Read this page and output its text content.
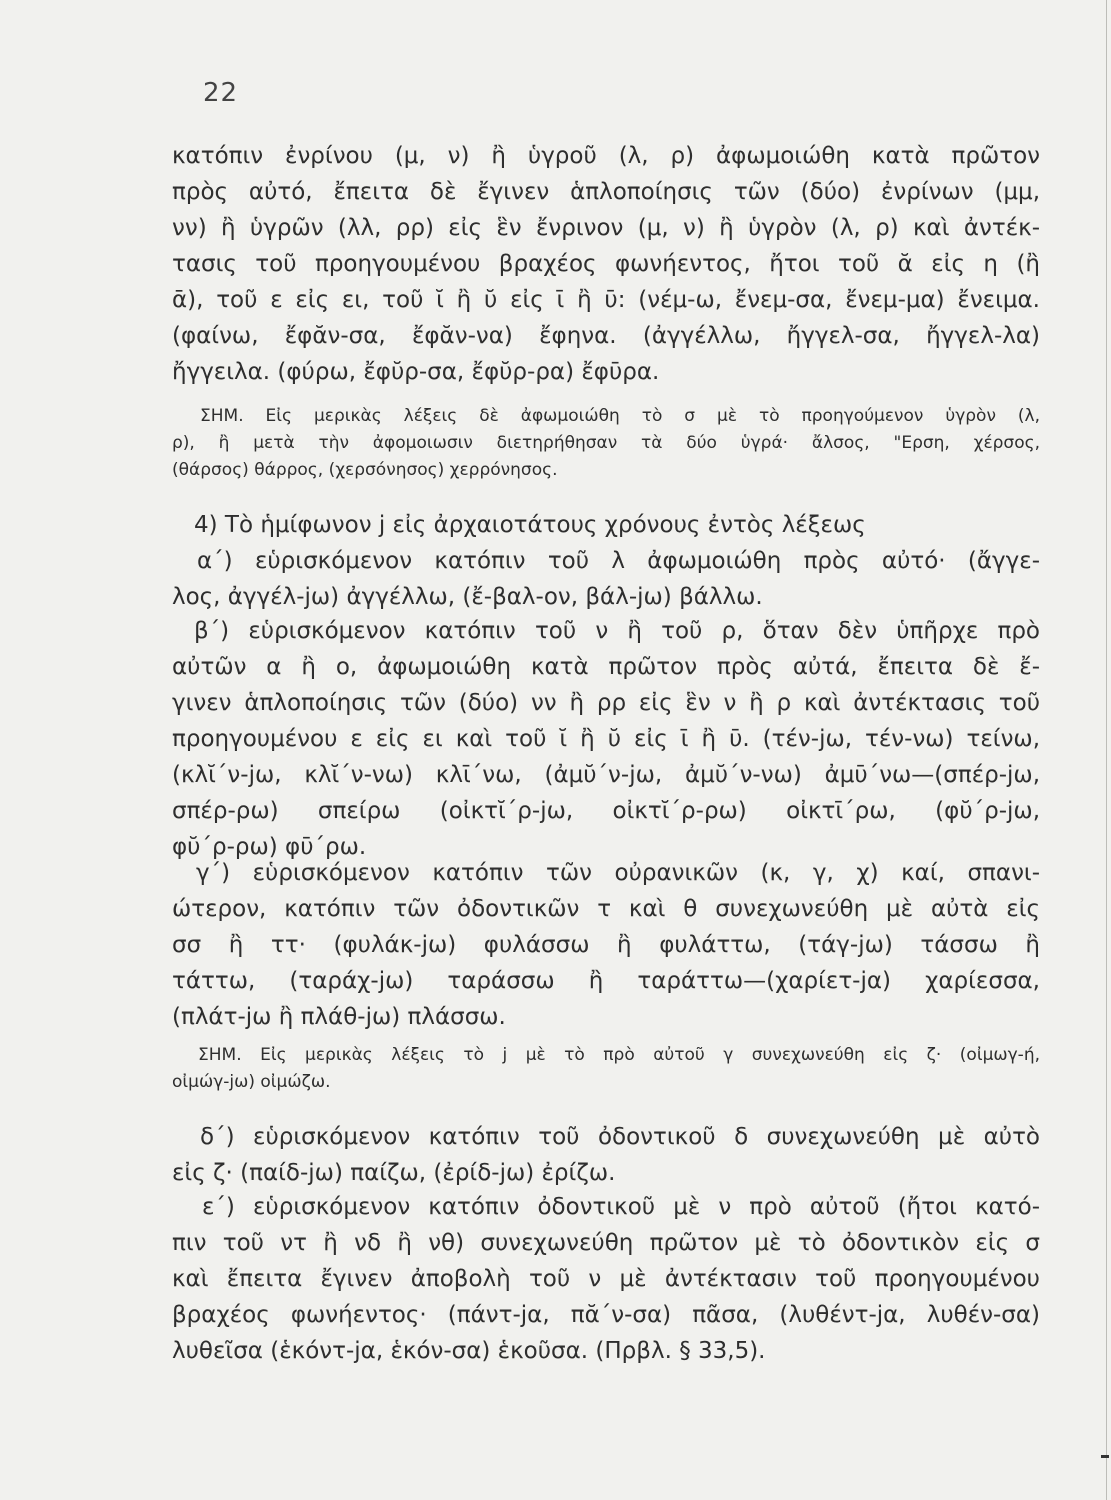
22
κατόπιν ἐνρίνου (μ, ν) ἢ ὑγροῦ (λ, ρ) ἀφωμοιώθη κατὰ πρῶτον
πρὸς αὐτό, ἔπειτα δὲ ἔγινεν ἁπλοποίησις τῶν (δύο) ἐνρίνων (μμ,
νν) ἢ ὑγρῶν (λλ, ρρ) εἰς ἓν ἔνρινον (μ, ν) ἢ ὑγρὸν (λ, ρ) καὶ ἀντέκ-
τασις τοῦ προηγουμένου βραχέος φωνήεντος, ἤτοι τοῦ ᾰ εἰς η (ἢ
ᾱ), τοῦ ε εἰς ει, τοῦ ῐ ἢ ῠ εἰς ῑ ἢ ῡ: (νέμ-ω, ἔνεμ-σα, ἔνεμ-μα) ἔνειμα.
(φαίνω, ἔφᾰν-σα, ἔφᾰν-να) ἔφηνα. (ἀγγέλλω, ἤγγελ-σα, ἤγγελ-λα)
ἤγγειλα. (φύρω, ἔφῠρ-σα, ἔφῠρ-ρα) ἔφῡρα.
ΣΗΜ. Εἰς μερικὰς λέξεις δὲ ἀφωμοιώθη τὸ σ μὲ τὸ προηγούμενον ὑγρὸν (λ,
ρ), ἢ μετὰ τὴν ἀφομοιωσιν διετηρήθησαν τὰ δύο ὑγρά· ἄλσος, "Ερση, χέρσος,
(θάρσος) θάρρος, (χερσόνησος) χερρόνησος.
4) Τὸ ἡμίφωνον j εἰς ἀρχαιοτάτους χρόνους ἐντὸς λέξεως
α΄) εὑρισκόμενον κατόπιν τοῦ λ ἀφωμοιώθη πρὸς αὐτό· (ἄγγε-
λος, ἀγγέλ-jω) ἀγγέλλω, (ἔ-βαλ-ον, βάλ-jω) βάλλω.
β΄) εὑρισκόμενον κατόπιν τοῦ ν ἢ τοῦ ρ, ὅταν δὲν ὑπῆρχε πρὸ
αὐτῶν α ἢ ο, ἀφωμοιώθη κατὰ πρῶτον πρὸς αὐτά, ἔπειτα δὲ ἔ-
γινεν ἁπλοποίησις τῶν (δύο) νν ἢ ρρ εἰς ἓν ν ἢ ρ καὶ ἀντέκτασις τοῦ
προηγουμένου ε εἰς ει καὶ τοῦ ῐ ἢ ῠ εἰς ῑ ἢ ῡ. (τέν-jω, τέν-νω) τείνω,
(κλῐ΄ν-jω, κλῐ΄ν-νω) κλῑ΄νω, (ἀμῠ΄ν-jω, ἀμῠ΄ν-νω) ἀμῡ΄νω—(σπέρ-jω,
σπέρ-ρω) σπείρω (οἰκτῐ΄ρ-jω, οἰκτῐ΄ρ-ρω) οἰκτῑ΄ρω, (φῠ΄ρ-jω,
φῠ΄ρ-ρω) φῡ΄ρω.
γ΄) εὑρισκόμενον κατόπιν τῶν οὐρανικῶν (κ, γ, χ) καί, σπανι-
ώτερον, κατόπιν τῶν ὀδοντικῶν τ καὶ θ συνεχωνεύθη μὲ αὐτὰ εἰς
σσ ἢ ττ· (φυλάκ-jω) φυλάσσω ἢ φυλάττω, (τάγ-jω) τάσσω ἢ
τάττω, (ταράχ-jω) ταράσσω ἢ ταράττω—(χαρίετ-jα) χαρίεσσα,
(πλάτ-jω ἢ πλάθ-jω) πλάσσω.
ΣΗΜ. Εἰς μερικὰς λέξεις τὸ j μὲ τὸ πρὸ αὐτοῦ γ συνεχωνεύθη εἰς ζ· (οἰμωγ-ή,
οἰμώγ-jω) οἰμώζω.
δ΄) εὑρισκόμενον κατόπιν τοῦ ὀδοντικοῦ δ συνεχωνεύθη μὲ αὐτὸ
εἰς ζ· (παίδ-jω) παίζω, (ἐρίδ-jω) ἐρίζω.
ε΄) εὑρισκόμενον κατόπιν ὀδοντικοῦ μὲ ν πρὸ αὐτοῦ (ἤτοι κατό-
πιν τοῦ ντ ἢ νδ ἢ νθ) συνεχωνεύθη πρῶτον μὲ τὸ ὀδοντικὸν εἰς σ
καὶ ἔπειτα ἔγινεν ἀποβολὴ τοῦ ν μὲ ἀντέκτασιν τοῦ προηγουμένου
βραχέος φωνήεντος· (πάντ-jα, πᾰ΄ν-σα) πᾶσα, (λυθέντ-jα, λυθέν-σα)
λυθεῖσα (ἑκόντ-jα, ἑκόν-σα) ἑκοῦσα. (Πρβλ. § 33,5).
